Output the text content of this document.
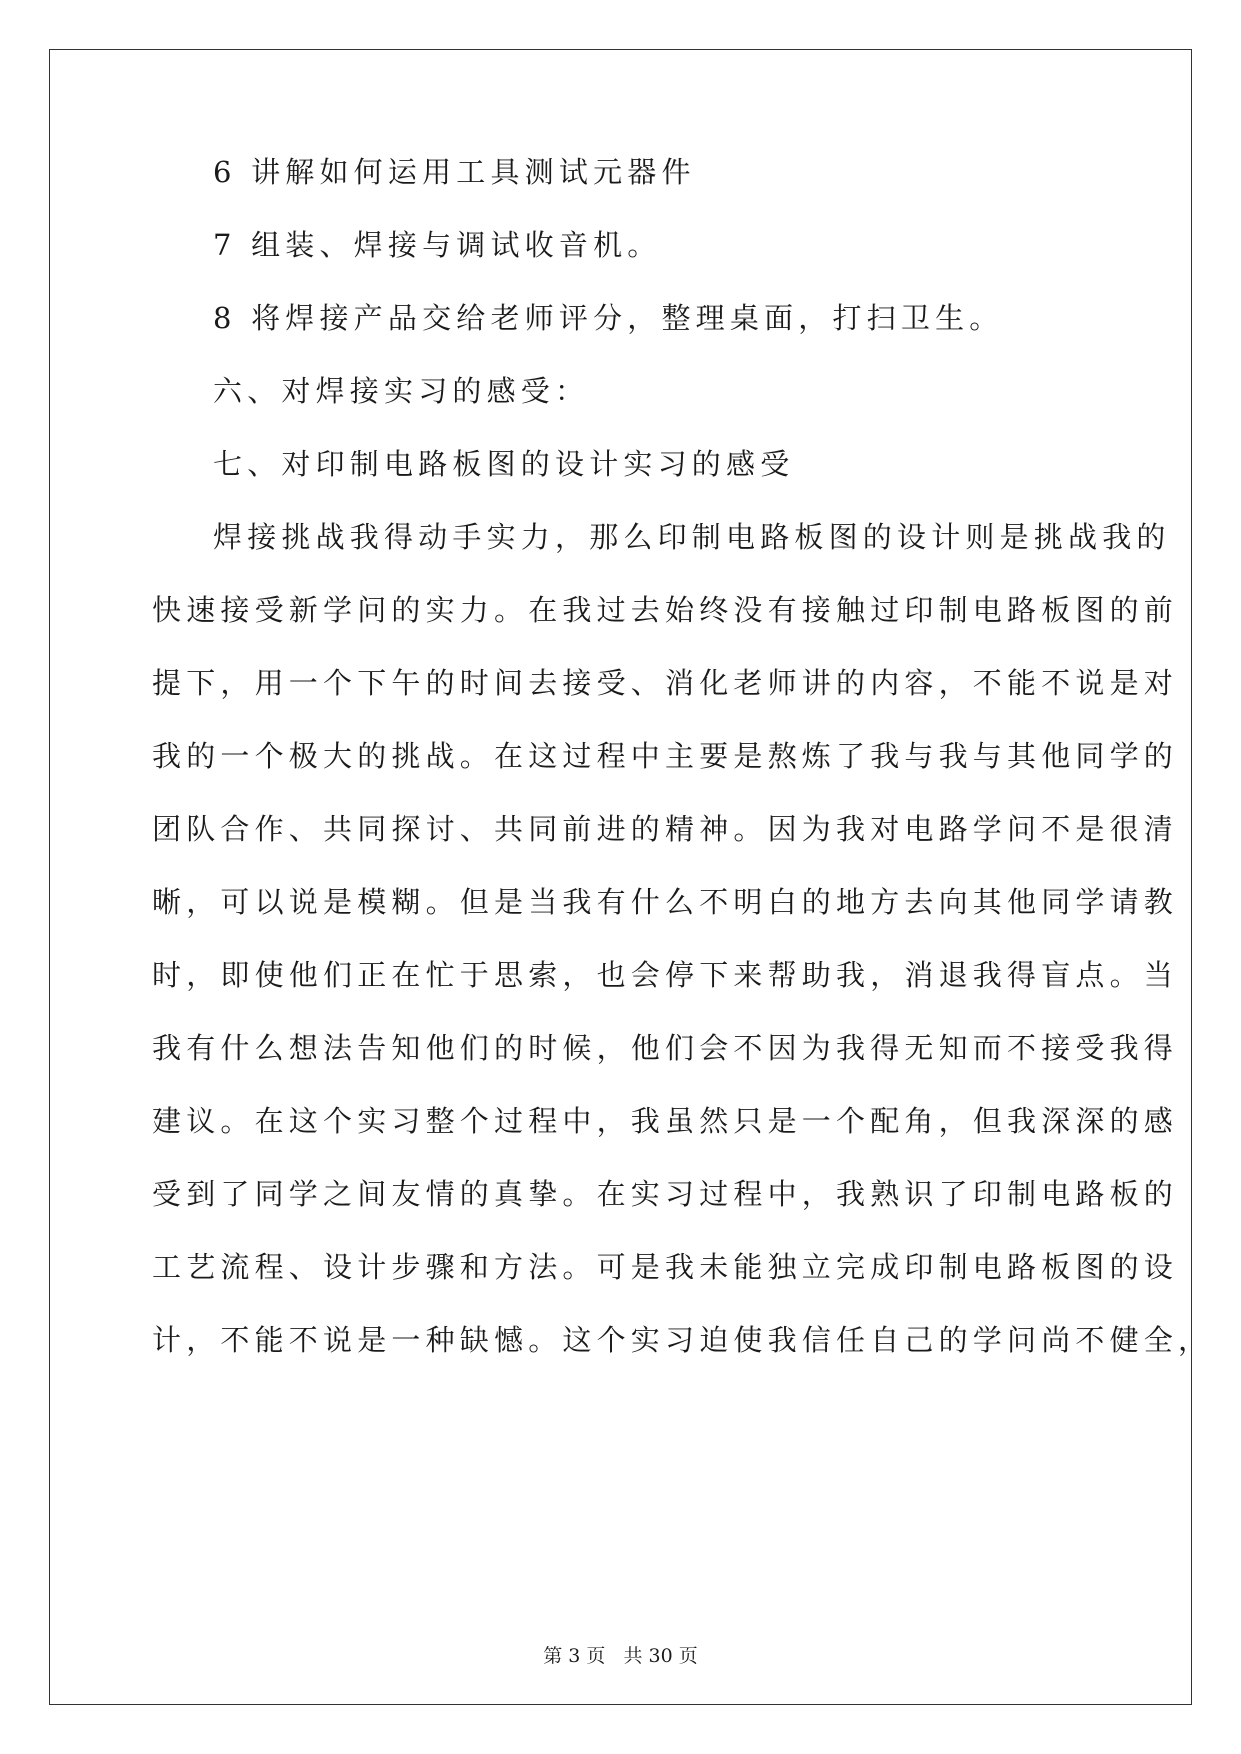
6 讲解如何运用工具测试元器件
7 组装、焊接与调试收音机。
8 将焊接产品交给老师评分，整理桌面，打扫卫生。
六、对焊接实习的感受：
七、对印制电路板图的设计实习的感受
焊接挑战我得动手实力，那么印制电路板图的设计则是挑战我的
快速接受新学问的实力。在我过去始终没有接触过印制电路板图的前
提下，用一个下午的时间去接受、消化老师讲的内容，不能不说是对
我的一个极大的挑战。在这过程中主要是熬炼了我与我与其他同学的
团队合作、共同探讨、共同前进的精神。因为我对电路学问不是很清
晰，可以说是模糊。但是当我有什么不明白的地方去向其他同学请教
时，即使他们正在忙于思索，也会停下来帮助我，消退我得盲点。当
我有什么想法告知他们的时候，他们会不因为我得无知而不接受我得
建议。在这个实习整个过程中，我虽然只是一个配角，但我深深的感
受到了同学之间友情的真挚。在实习过程中，我熟识了印制电路板的
工艺流程、设计步骤和方法。可是我未能独立完成印制电路板图的设
计，不能不说是一种缺憾。这个实习迫使我信任自己的学问尚不健全，
第 3 页 共 30 页
